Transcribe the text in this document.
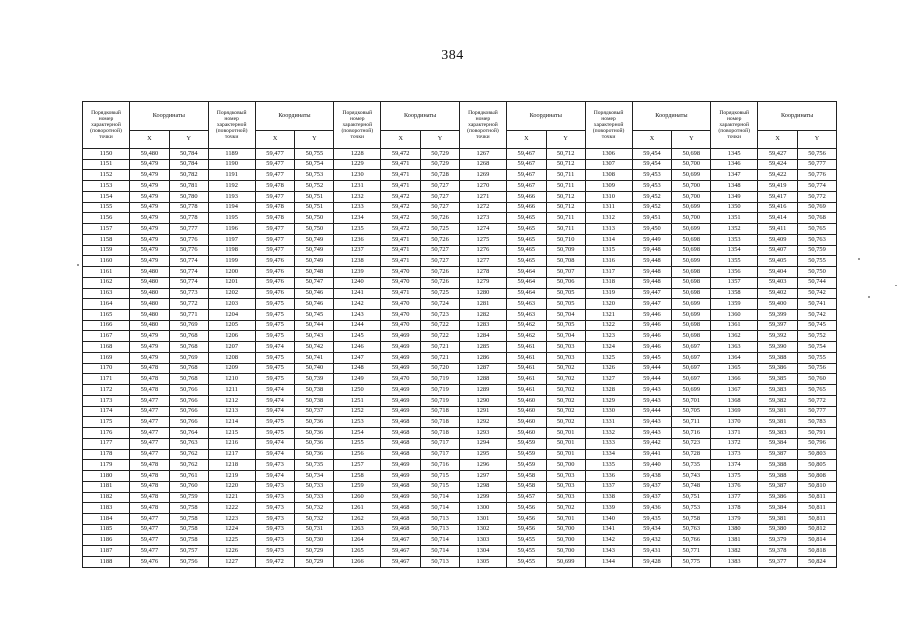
384
Порядковый номер характерной (поворотной) точки	Координаты		Порядковый номер характерной (поворотной) точки	Координаты		Порядковый номер характерной (поворотной) точки	Координаты		Порядковый номер характерной (поворотной) точки	Координаты		Порядковый номер характерной (поворотной) точки	Координаты		Порядковый номер характерной (поворотной) точки	Координаты	
	X	Y		X	Y		X	Y		X	Y		X	Y		X	Y
1150	59,480	50,784	1189	59,477	50,755	1228	59,472	50,729	1267	59,467	50,712	1306	59,454	50,698	1345	59,427	50,756
1151	59,479	50,784	1190	59,477	50,754	1229	59,471	50,729	1268	59,467	50,712	1307	59,454	50,700	1346	59,424	50,777
1152	59,479	50,782	1191	59,477	50,753	1230	59,471	50,728	1269	59,467	50,711	1308	59,453	50,699	1347	59,422	50,776
1153	59,479	50,781	1192	59,478	50,752	1231	59,471	50,727	1270	59,467	50,711	1309	59,453	50,700	1348	59,419	50,774
1154	59,479	50,780	1193	59,477	50,751	1232	59,472	50,727	1271	59,466	50,712	1310	59,452	50,700	1349	59,417	50,772
1155	59,479	50,778	1194	59,478	50,751	1233	59,472	50,727	1272	59,466	50,712	1311	59,452	50,699	1350	59,416	50,769
1156	59,479	50,778	1195	59,478	50,750	1234	59,472	50,726	1273	59,465	50,711	1312	59,451	50,700	1351	59,414	50,768
1157	59,479	50,777	1196	59,477	50,750	1235	59,472	50,725	1274	59,465	50,711	1313	59,450	50,699	1352	59,411	50,765
1158	59,479	50,776	1197	59,477	50,749	1236	59,471	50,726	1275	59,465	50,710	1314	59,449	50,698	1353	59,409	50,763
1159	59,479	50,776	1198	59,477	50,749	1237	59,471	50,727	1276	59,465	50,709	1315	59,448	50,698	1354	59,407	50,759
1160	59,479	50,774	1199	59,476	50,749	1238	59,471	50,727	1277	59,465	50,708	1316	59,448	50,699	1355	59,405	50,755
1161	59,480	50,774	1200	59,476	50,748	1239	59,470	50,726	1278	59,464	50,707	1317	59,448	50,698	1356	59,404	50,750
1162	59,480	50,774	1201	59,476	50,747	1240	59,470	50,726	1279	59,464	50,706	1318	59,448	50,698	1357	59,403	50,744
1163	59,480	50,773	1202	59,476	50,746	1241	59,471	50,725	1280	59,464	50,705	1319	59,447	50,698	1358	59,402	50,742
1164	59,480	50,772	1203	59,475	50,746	1242	59,470	50,724	1281	59,463	50,705	1320	59,447	50,699	1359	59,400	50,741
1165	59,480	50,771	1204	59,475	50,745	1243	59,470	50,723	1282	59,463	50,704	1321	59,446	50,699	1360	59,399	50,742
1166	59,480	50,769	1205	59,475	50,744	1244	59,470	50,722	1283	59,462	50,705	1322	59,446	50,698	1361	59,397	50,745
1167	59,479	50,768	1206	59,475	50,743	1245	59,469	50,722	1284	59,462	50,704	1323	59,446	50,698	1362	59,392	50,752
1168	59,479	50,768	1207	59,474	50,742	1246	59,469	50,721	1285	59,461	50,703	1324	59,446	50,697	1363	59,390	50,754
1169	59,479	50,769	1208	59,475	50,741	1247	59,469	50,721	1286	59,461	50,703	1325	59,445	50,697	1364	59,388	50,755
1170	59,478	50,768	1209	59,475	50,740	1248	59,469	50,720	1287	59,461	50,702	1326	59,444	50,697	1365	59,386	50,756
1171	59,478	50,768	1210	59,475	50,739	1249	59,470	50,719	1288	59,461	50,702	1327	59,444	50,697	1366	59,385	50,760
1172	59,478	50,766	1211	59,474	50,738	1250	59,469	50,719	1289	59,461	50,702	1328	59,443	50,699	1367	59,383	50,765
1173	59,477	50,766	1212	59,474	50,738	1251	59,469	50,719	1290	59,460	50,702	1329	59,443	50,701	1368	59,382	50,772
1174	59,477	50,766	1213	59,474	50,737	1252	59,469	50,718	1291	59,460	50,702	1330	59,444	50,705	1369	59,381	50,777
1175	59,477	50,766	1214	59,475	50,736	1253	59,468	50,718	1292	59,460	50,702	1331	59,443	50,711	1370	59,381	50,783
1176	59,477	50,764	1215	59,475	50,736	1254	59,468	50,718	1293	59,460	50,701	1332	59,443	50,716	1371	59,383	50,791
1177	59,477	50,763	1216	59,474	50,736	1255	59,468	50,717	1294	59,459	50,701	1333	59,442	50,723	1372	59,384	50,796
1178	59,477	50,762	1217	59,474	50,736	1256	59,468	50,717	1295	59,459	50,701	1334	59,441	50,728	1373	59,387	50,803
1179	59,478	50,762	1218	59,473	50,735	1257	59,469	50,716	1296	59,459	50,700	1335	59,440	50,735	1374	59,388	50,805
1180	59,478	50,761	1219	59,474	50,734	1258	59,469	50,715	1297	59,458	50,703	1336	59,438	50,743	1375	59,388	50,808
1181	59,478	50,760	1220	59,473	50,733	1259	59,468	50,715	1298	59,458	50,703	1337	59,437	50,748	1376	59,387	50,810
1182	59,478	50,759	1221	59,473	50,733	1260	59,469	50,714	1299	59,457	50,703	1338	59,437	50,751	1377	59,386	50,811
1183	59,478	50,758	1222	59,473	50,732	1261	59,468	50,714	1300	59,456	50,702	1339	59,436	50,753	1378	59,384	50,811
1184	59,477	50,758	1223	59,473	50,732	1262	59,468	50,713	1301	59,456	50,701	1340	59,435	50,758	1379	59,381	50,811
1185	59,477	50,758	1224	59,473	50,731	1263	59,468	50,713	1302	59,456	50,700	1341	59,434	50,763	1380	59,380	50,812
1186	59,477	50,758	1225	59,473	50,730	1264	59,467	50,714	1303	59,455	50,700	1342	59,432	50,766	1381	59,379	50,814
1187	59,477	50,757	1226	59,473	50,729	1265	59,467	50,714	1304	59,455	50,700	1343	59,431	50,771	1382	59,378	50,818
1188	59,476	50,756	1227	59,472	50,729	1266	59,467	50,713	1305	59,455	50,699	1344	59,428	50,775	1383	59,377	50,824
